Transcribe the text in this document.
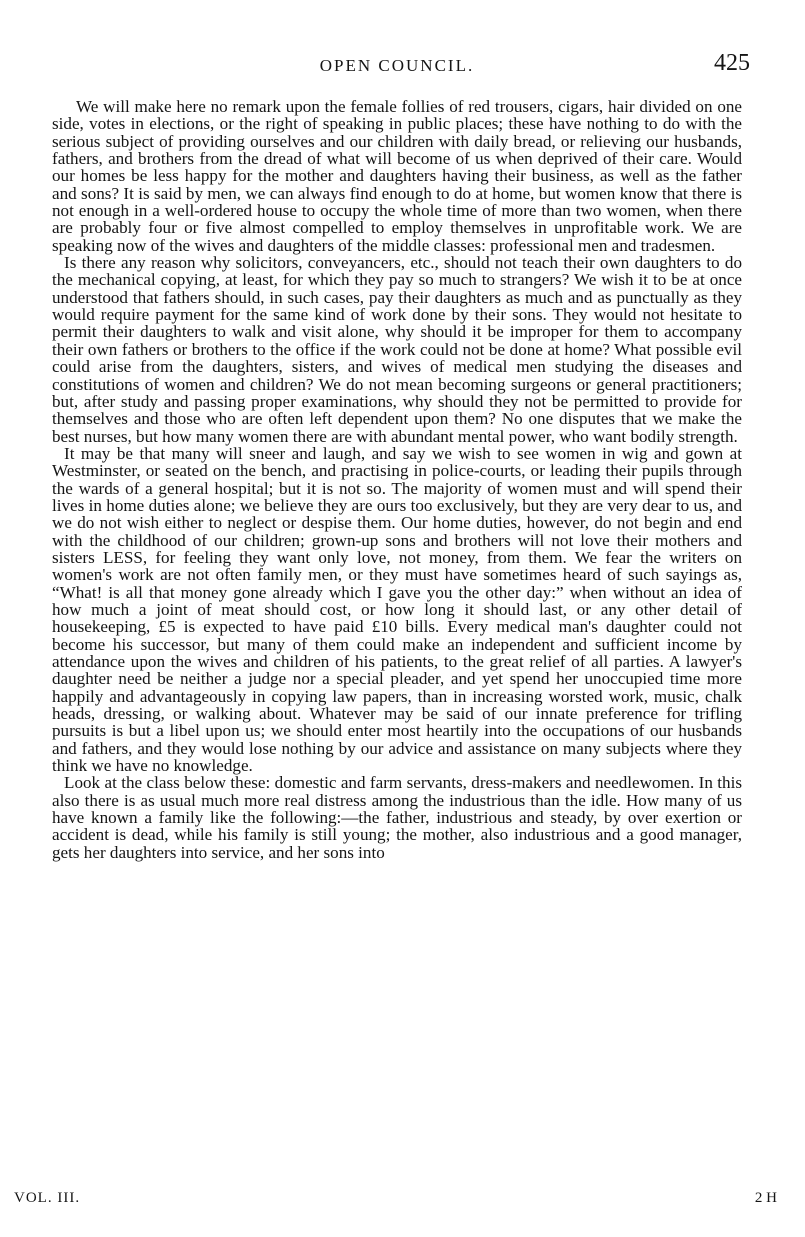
OPEN COUNCIL.	425

We will make here no remark upon the female follies of red trousers, cigars, hair divided on one side, votes in elections, or the right of speaking in public places; these have nothing to do with the serious subject of providing ourselves and our children with daily bread, or relieving our husbands, fathers, and brothers from the dread of what will become of us when deprived of their care. Would our homes be less happy for the mother and daughters having their business, as well as the father and sons? It is said by men, we can always find enough to do at home, but women know that there is not enough in a well-ordered house to occupy the whole time of more than two women, when there are probably four or five almost compelled to employ themselves in unprofitable work. We are speaking now of the wives and daughters of the middle classes: professional men and tradesmen.

Is there any reason why solicitors, conveyancers, etc., should not teach their own daughters to do the mechanical copying, at least, for which they pay so much to strangers? We wish it to be at once understood that fathers should, in such cases, pay their daughters as much and as punctually as they would require payment for the same kind of work done by their sons. They would not hesitate to permit their daughters to walk and visit alone, why should it be improper for them to accompany their own fathers or brothers to the office if the work could not be done at home? What possible evil could arise from the daughters, sisters, and wives of medical men studying the diseases and constitutions of women and children? We do not mean becoming surgeons or general practitioners; but, after study and passing proper examinations, why should they not be permitted to provide for themselves and those who are often left dependent upon them? No one disputes that we make the best nurses, but how many women there are with abundant mental power, who want bodily strength.

It may be that many will sneer and laugh, and say we wish to see women in wig and gown at Westminster, or seated on the bench, and practising in police-courts, or leading their pupils through the wards of a general hospital; but it is not so. The majority of women must and will spend their lives in home duties alone; we believe they are ours too exclusively, but they are very dear to us, and we do not wish either to neglect or despise them. Our home duties, however, do not begin and end with the childhood of our children; grown-up sons and brothers will not love their mothers and sisters LESS, for feeling they want only love, not money, from them. We fear the writers on women's work are not often family men, or they must have sometimes heard of such sayings as, “What! is all that money gone already which I gave you the other day:” when without an idea of how much a joint of meat should cost, or how long it should last, or any other detail of housekeeping, £5 is expected to have paid £10 bills. Every medical man's daughter could not become his successor, but many of them could make an independent and sufficient income by attendance upon the wives and children of his patients, to the great relief of all parties. A lawyer's daughter need be neither a judge nor a special pleader, and yet spend her unoccupied time more happily and advantageously in copying law papers, than in increasing worsted work, music, chalk heads, dressing, or walking about. Whatever may be said of our innate preference for trifling pursuits is but a libel upon us; we should enter most heartily into the occupations of our husbands and fathers, and they would lose nothing by our advice and assistance on many subjects where they think we have no knowledge.

Look at the class below these: domestic and farm servants, dress-makers and needlewomen. In this also there is as usual much more real distress among the industrious than the idle. How many of us have known a family like the following:—the father, industrious and steady, by over exertion or accident is dead, while his family is still young; the mother, also industrious and a good manager, gets her daughters into service, and her sons into

VOL. III.	2 H
